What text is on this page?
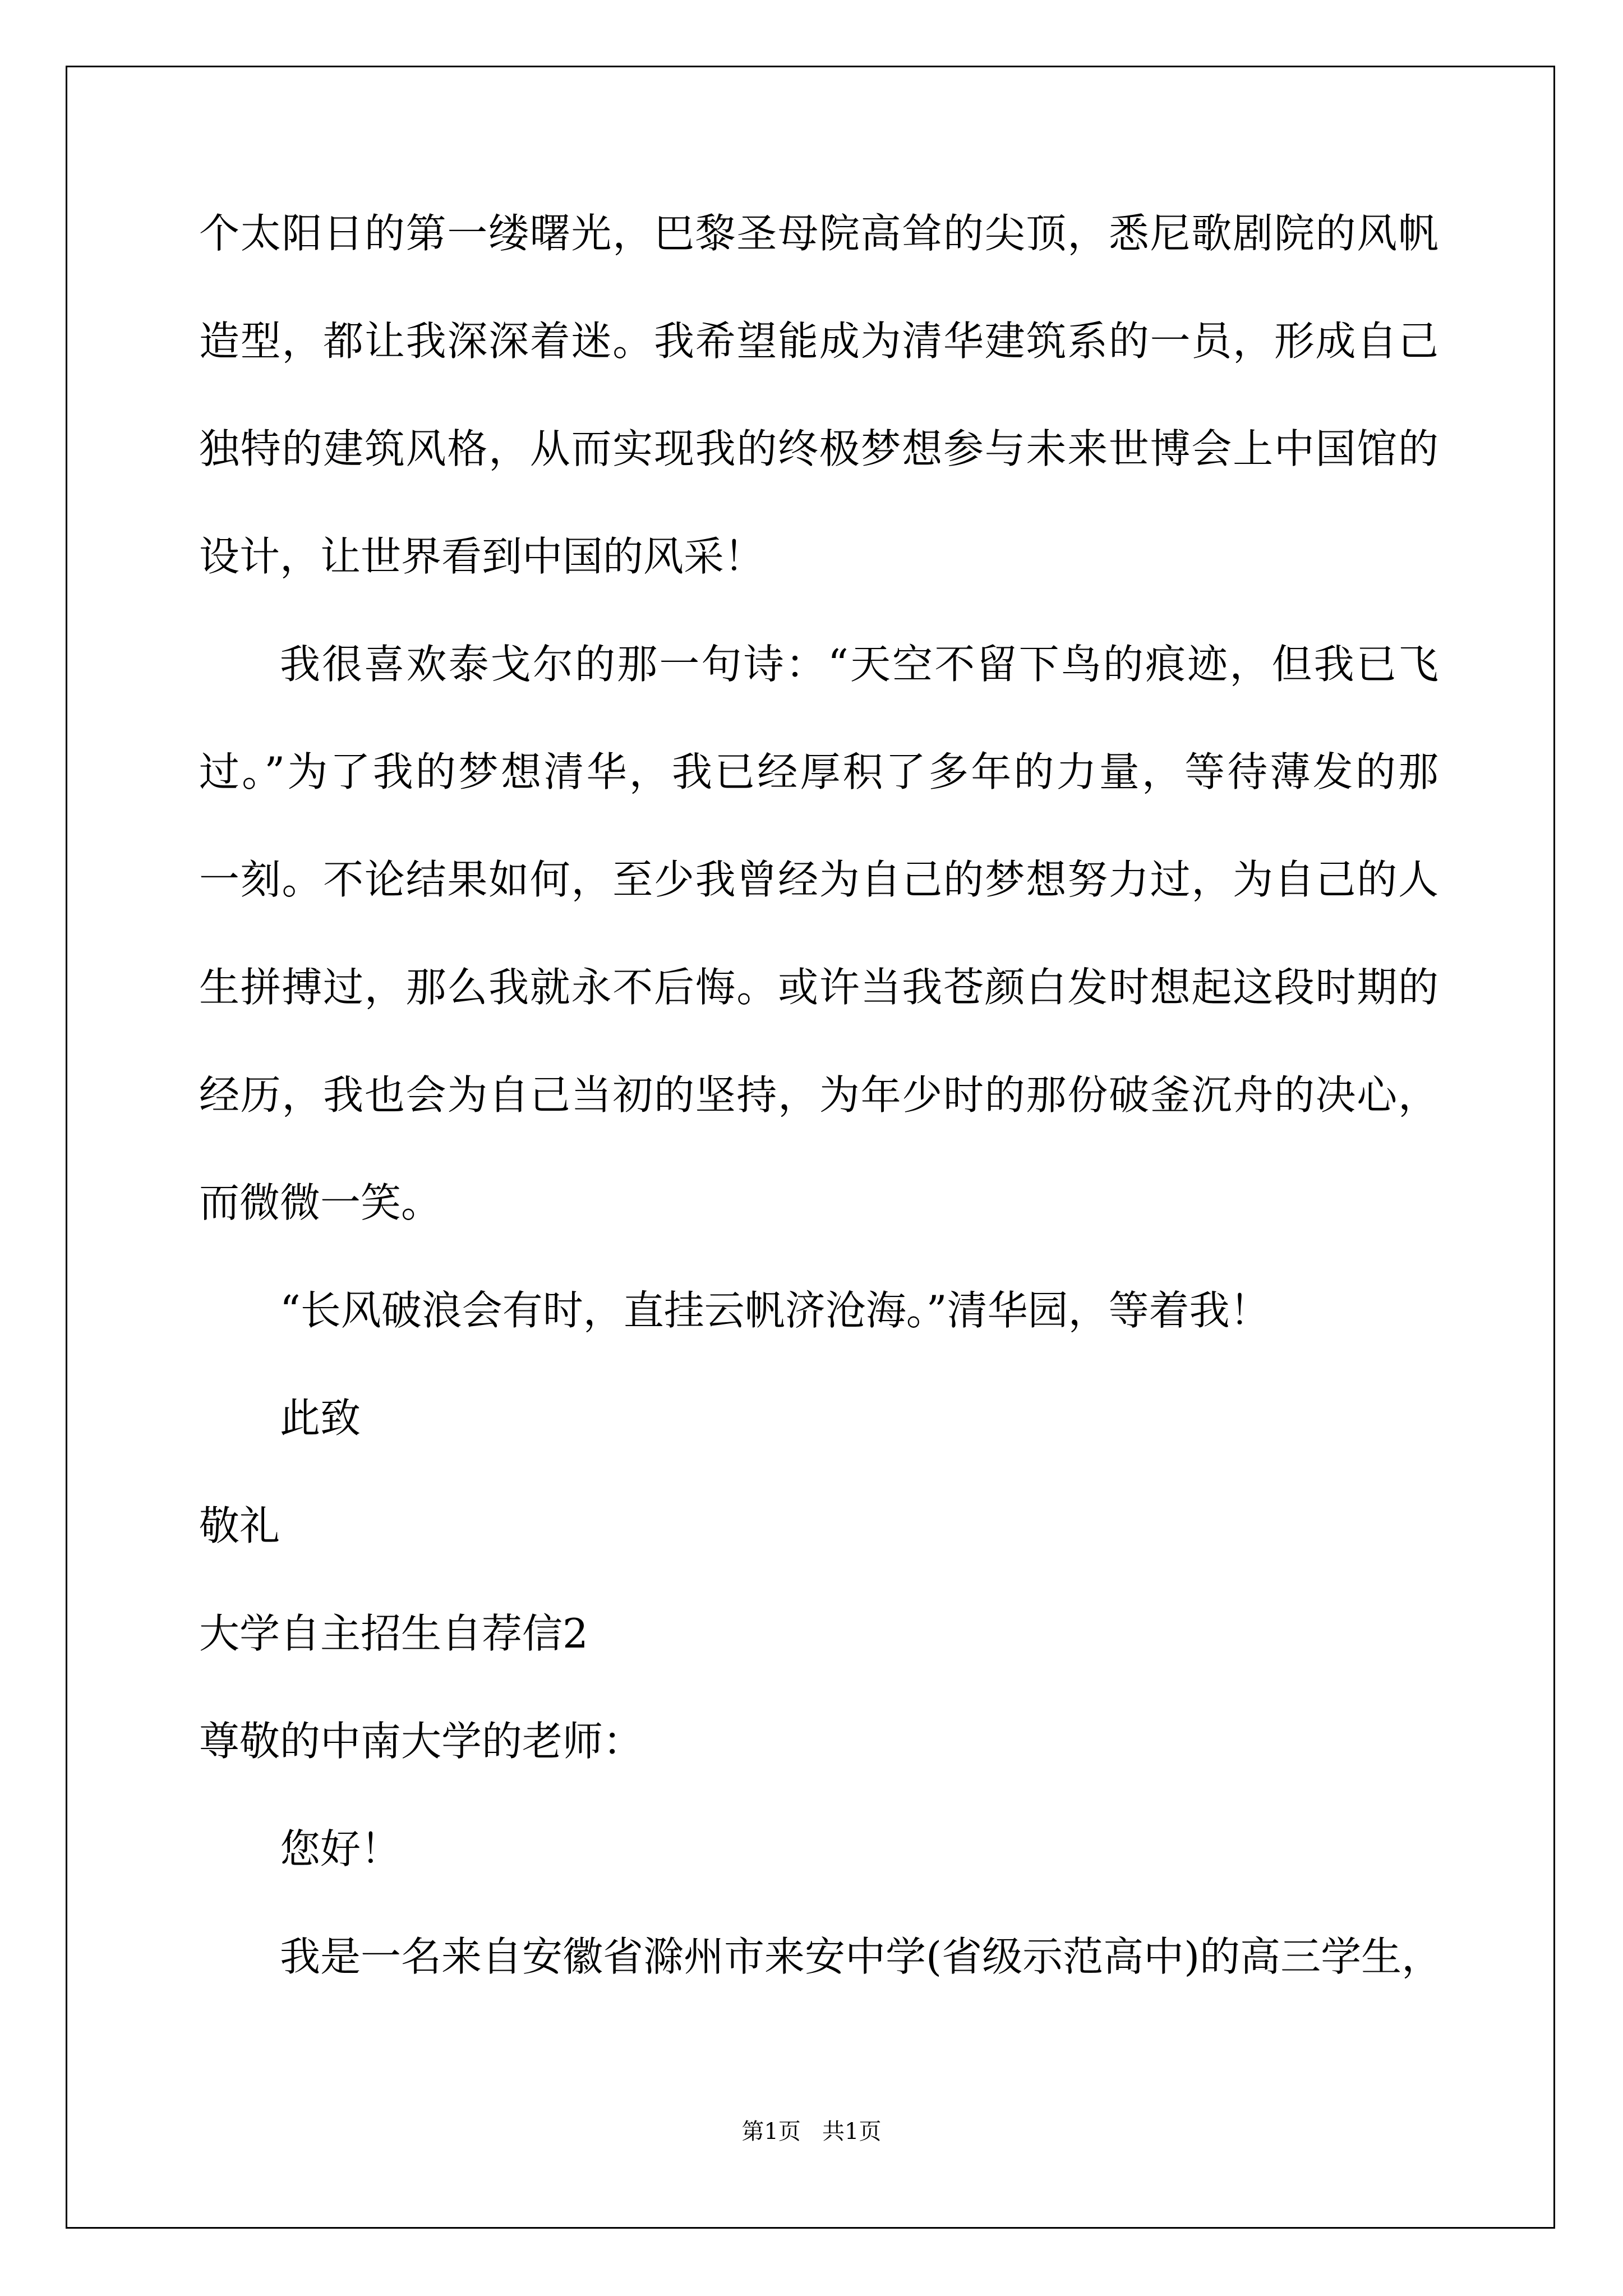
个太阳日的第一缕曙光，巴黎圣母院高耸的尖顶，悉尼歌剧院的风帆
造型，都让我深深着迷。我希望能成为清华建筑系的一员，形成自己
独特的建筑风格，从而实现我的终极梦想参与未来世博会上中国馆的
设计，让世界看到中国的风采！
我很喜欢泰戈尔的那一句诗：“天空不留下鸟的痕迹，但我已飞
过。”为了我的梦想清华，我已经厚积了多年的力量，等待薄发的那
一刻。不论结果如何，至少我曾经为自己的梦想努力过，为自己的人
生拼搏过，那么我就永不后悔。或许当我苍颜白发时想起这段时期的
经历，我也会为自己当初的坚持，为年少时的那份破釜沉舟的决心，
而微微一笑。
“长风破浪会有时，直挂云帆济沧海。”清华园，等着我！
此致
敬礼
大学自主招生自荐信2
尊敬的中南大学的老师：
您好！
我是一名来自安徽省滁州市来安中学(省级示范高中)的高三学生，
第1页   共1页
